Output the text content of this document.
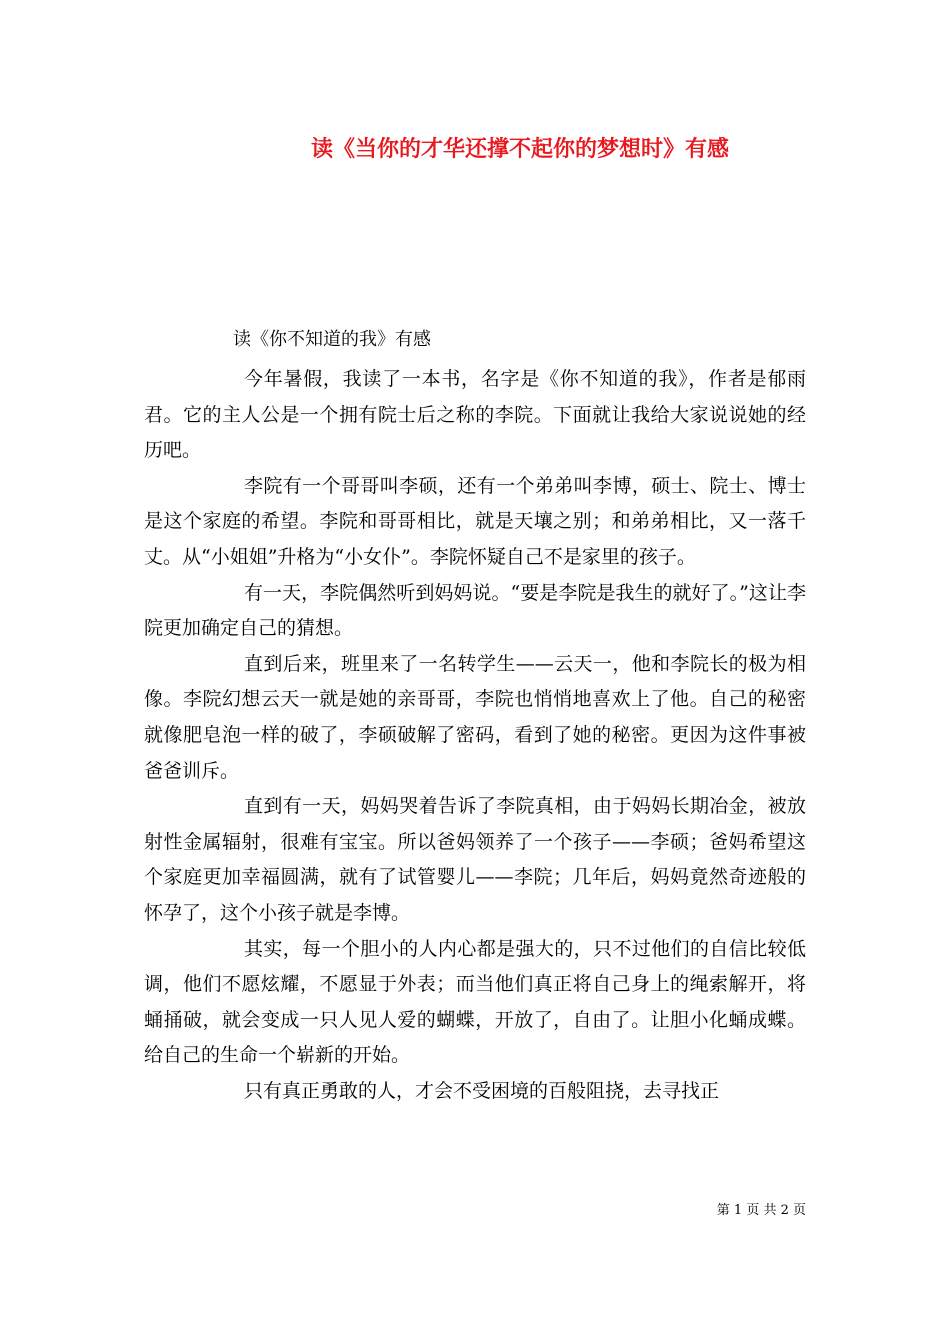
读《当你的才华还撑不起你的梦想时》有感
读《你不知道的我》有感

今年暑假，我读了一本书，名字是《你不知道的我》，作者是郁雨君。它的主人公是一个拥有院士后之称的李院。下面就让我给大家说说她的经历吧。

李院有一个哥哥叫李硕，还有一个弟弟叫李博，硕士、院士、博士是这个家庭的希望。李院和哥哥相比，就是天壤之别；和弟弟相比，又一落千丈。从“小姐姐”升格为“小女仆”。李院怀疑自己不是家里的孩子。

有一天，李院偶然听到妈妈说。“要是李院是我生的就好了。”这让李院更加确定自己的猜想。

直到后来，班里来了一名转学生——云天一，他和李院长的极为相像。李院幻想云天一就是她的亲哥哥，李院也悄悄地喜欢上了他。自己的秘密就像肥皂泡一样的破了，李硕破解了密码，看到了她的秘密。更因为这件事被爸爸训斥。

直到有一天，妈妈哭着告诉了李院真相，由于妈妈长期冶金，被放射性金属辐射，很难有宝宝。所以爸妈领养了一个孩子——李硕；爸妈希望这个家庭更加幸福圆满，就有了试管婴儿——李院；几年后，妈妈竟然奇迹般的怀孕了，这个小孩子就是李博。

其实，每一个胆小的人内心都是强大的，只不过他们的自信比较低调，他们不愿炫耀，不愿显于外表；而当他们真正将自己身上的绳索解开，将蛹捅破，就会变成一只人见人爱的蝴蝶，开放了，自由了。让胆小化蛹成蝶。给自己的生命一个崭新的开始。

只有真正勇敢的人，才会不受困境的百般阻挠，去寻找正

第 1 页 共 2 页
